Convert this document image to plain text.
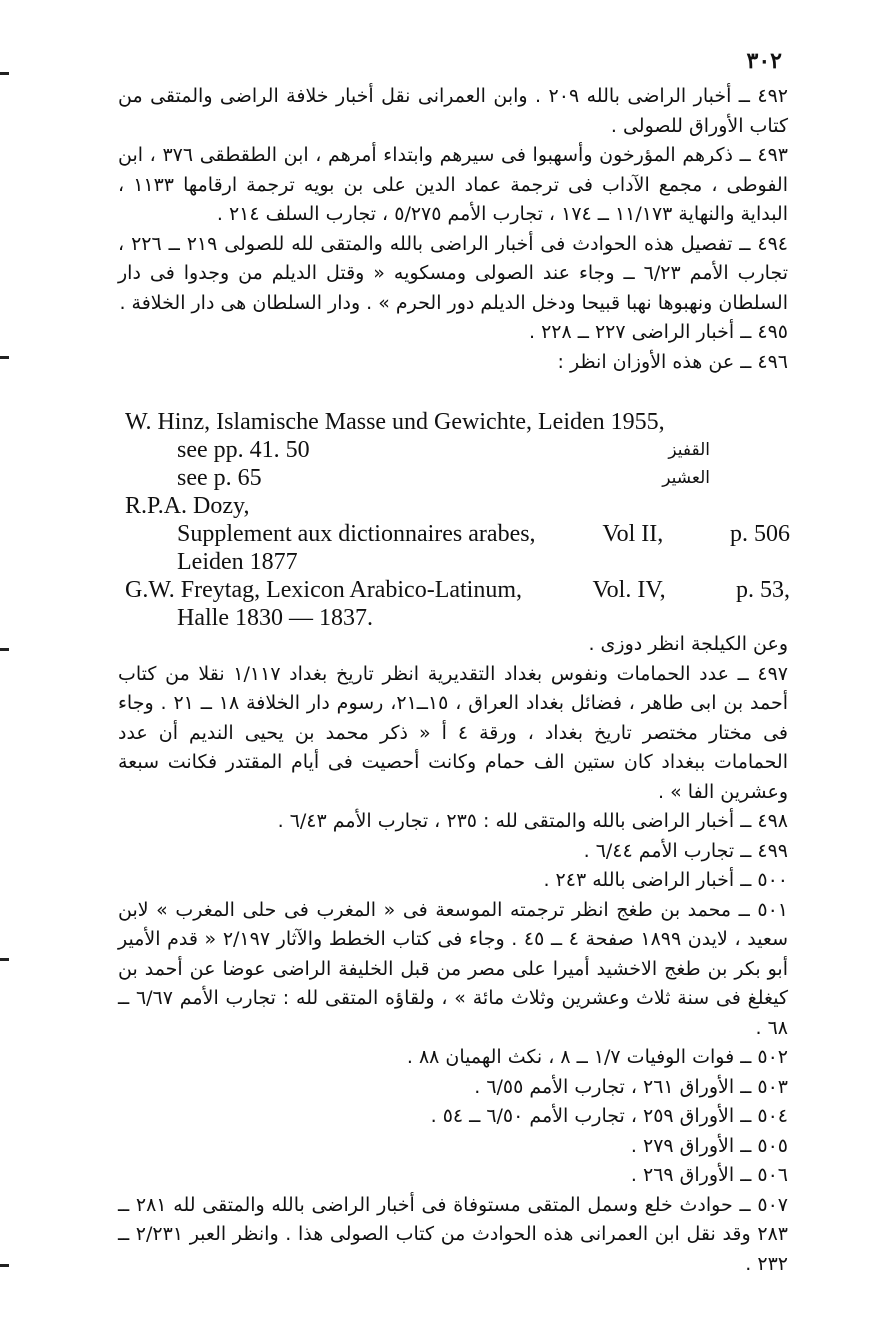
٣٠٢

٤٩٢ ــ أخبار الراضى بالله ٢٠٩ . وابن العمرانى نقل أخبار خلافة الراضى والمتقى من كتاب الأوراق للصولى .

٤٩٣ ــ ذكرهم المؤرخون وأسهبوا فى سيرهم وابتداء أمرهم ، ابن الطقطقى ٣٧٦ ، ابن الفوطى ، مجمع الآداب فى ترجمة عماد الدين على بن بويه ترجمة ارقامها ١١٣٣ ، البداية والنهاية ١١/١٧٣ ــ ١٧٤ ، تجارب الأمم ٥/٢٧٥ ، تجارب السلف ٢١٤ .

٤٩٤ ــ تفصيل هذه الحوادث فى أخبار الراضى بالله والمتقى لله للصولى ٢١٩ ــ ٢٢٦ ، تجارب الأمم ٦/٢٣ ــ وجاء عند الصولى ومسكويه « وقتل الديلم من وجدوا فى دار السلطان ونهبوها نهبا قبيحا ودخل الديلم دور الحرم » . ودار السلطان هى دار الخلافة .

٤٩٥ ــ أخبار الراضى ٢٢٧ ــ ٢٢٨ .

٤٩٦ ــ عن هذه الأوزان انظر :

W. Hinz, Islamische Masse und Gewichte, Leiden 1955,
see pp. 41. 50	القفيز
see p. 65	العشير
R.P.A. Dozy,
Supplement aux dictionnaires arabes,	Vol II,	p. 506
Leiden 1877
G.W. Freytag, Lexicon Arabico-Latinum,	Vol. IV,	p. 53,
Halle 1830 — 1837.

وعن الكيلجة انظر دوزى .

٤٩٧ ــ عدد الحمامات ونفوس بغداد التقديرية انظر تاريخ بغداد ١/١١٧ نقلا من كتاب أحمد بن ابى طاهر ، فضائل بغداد العراق ، ١٥ــ٢١، رسوم دار الخلافة ١٨ ــ ٢١ . وجاء فى مختار مختصر تاريخ بغداد ، ورقة ٤ أ « ذكر محمد بن يحيى النديم أن عدد الحمامات ببغداد كان ستين الف حمام وكانت أحصيت فى أيام المقتدر فكانت سبعة وعشرين الفا » .

٤٩٨ ــ أخبار الراضى بالله والمتقى لله : ٢٣٥ ، تجارب الأمم ٦/٤٣ .

٤٩٩ ــ تجارب الأمم ٦/٤٤ .

٥٠٠ ــ أخبار الراضى بالله ٢٤٣ .

٥٠١ ــ محمد بن طغج انظر ترجمته الموسعة فى « المغرب فى حلى المغرب » لابن سعيد ، لايدن ١٨٩٩ صفحة ٤ ــ ٤٥ . وجاء فى كتاب الخطط والآثار ٢/١٩٧ « قدم الأمير أبو بكر بن طغج الاخشيد أميرا على مصر من قبل الخليفة الراضى عوضا عن أحمد بن كيغلغ فى سنة ثلاث وعشرين وثلاث مائة » ، ولقاؤه المتقى لله : تجارب الأمم ٦/٦٧ ــ ٦٨ .

٥٠٢ ــ فوات الوفيات ١/٧ ــ ٨ ، نكث الهميان ٨٨ .

٥٠٣ ــ الأوراق ٢٦١ ، تجارب الأمم ٦/٥٥ .

٥٠٤ ــ الأوراق ٢٥٩ ، تجارب الأمم ٦/٥٠ ــ ٥٤ .

٥٠٥ ــ الأوراق ٢٧٩ .

٥٠٦ ــ الأوراق ٢٦٩ .

٥٠٧ ــ حوادث خلع وسمل المتقى مستوفاة فى أخبار الراضى بالله والمتقى لله ٢٨١ ــ ٢٨٣ وقد نقل ابن العمرانى هذه الحوادث من كتاب الصولى هذا . وانظر العبر ٢/٢٣١ ــ ٢٣٢ .
